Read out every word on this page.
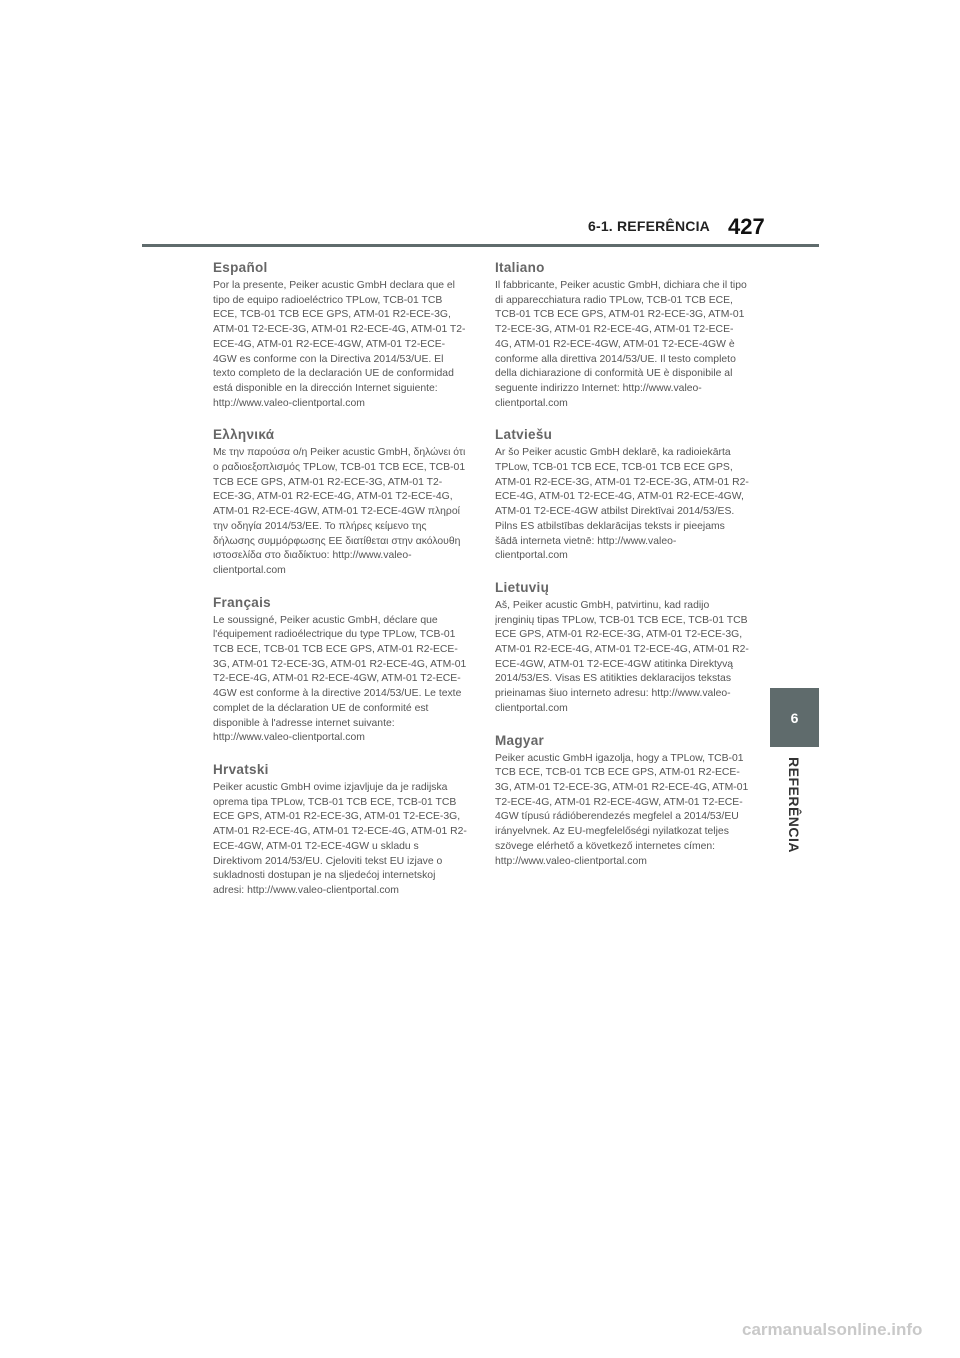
6-1. REFERÊNCIA 427
Español

Por la presente, Peiker acustic GmbH declara que el tipo de equipo radioeléctrico TPLow, TCB-01 TCB ECE, TCB-01 TCB ECE GPS, ATM-01 R2-ECE-3G, ATM-01 T2-ECE-3G, ATM-01 R2-ECE-4G, ATM-01 T2-ECE-4G, ATM-01 R2-ECE-4GW, ATM-01 T2-ECE-4GW es conforme con la Directiva 2014/53/UE. El texto completo de la declaración UE de conformidad está disponible en la dirección Internet siguiente: http://www.valeo-clientportal.com

Ελληνικά

Με την παρούσα ο/η Peiker acustic GmbH, δηλώνει ότι ο ραδιοεξοπλισμός TPLow, TCB-01 TCB ECE, TCB-01 TCB ECE GPS, ATM-01 R2-ECE-3G, ATM-01 T2-ECE-3G, ATM-01 R2-ECE-4G, ATM-01 T2-ECE-4G, ATM-01 R2-ECE-4GW, ATM-01 T2-ECE-4GW πληροί την οδηγία 2014/53/ΕΕ. Το πλήρες κείμενο της δήλωσης συμμόρφωσης ΕΕ διατίθεται στην ακόλουθη ιστοσελίδα στο διαδίκτυο: http://www.valeo-clientportal.com

Français

Le soussigné, Peiker acustic GmbH, déclare que l'équipement radioélectrique du type TPLow, TCB-01 TCB ECE, TCB-01 TCB ECE GPS, ATM-01 R2-ECE-3G, ATM-01 T2-ECE-3G, ATM-01 R2-ECE-4G, ATM-01 T2-ECE-4G, ATM-01 R2-ECE-4GW, ATM-01 T2-ECE-4GW est conforme à la directive 2014/53/UE. Le texte complet de la déclaration UE de conformité est disponible à l'adresse internet suivante: http://www.valeo-clientportal.com

Hrvatski

Peiker acustic GmbH ovime izjavljuje da je radijska oprema tipa TPLow, TCB-01 TCB ECE, TCB-01 TCB ECE GPS, ATM-01 R2-ECE-3G, ATM-01 T2-ECE-3G, ATM-01 R2-ECE-4G, ATM-01 T2-ECE-4G, ATM-01 R2-ECE-4GW, ATM-01 T2-ECE-4GW u skladu s Direktivom 2014/53/EU. Cjeloviti tekst EU izjave o sukladnosti dostupan je na sljedećoj internetskoj adresi: http://www.valeo-clientportal.com

Italiano

Il fabbricante, Peiker acustic GmbH, dichiara che il tipo di apparecchiatura radio TPLow, TCB-01 TCB ECE, TCB-01 TCB ECE GPS, ATM-01 R2-ECE-3G, ATM-01 T2-ECE-3G, ATM-01 R2-ECE-4G, ATM-01 T2-ECE-4G, ATM-01 R2-ECE-4GW, ATM-01 T2-ECE-4GW è conforme alla direttiva 2014/53/UE. Il testo completo della dichiarazione di conformità UE è disponibile al seguente indirizzo Internet: http://www.valeo-clientportal.com

Latviešu

Ar šo Peiker acustic GmbH deklarē, ka radioiekārta TPLow, TCB-01 TCB ECE, TCB-01 TCB ECE GPS, ATM-01 R2-ECE-3G, ATM-01 T2-ECE-3G, ATM-01 R2-ECE-4G, ATM-01 T2-ECE-4G, ATM-01 R2-ECE-4GW, ATM-01 T2-ECE-4GW atbilst Direktīvai 2014/53/ES. Pilns ES atbilstības deklarācijas teksts ir pieejams šādā interneta vietnē: http://www.valeo-clientportal.com

Lietuvių

Aš, Peiker acustic GmbH, patvirtinu, kad radijo įrenginių tipas TPLow, TCB-01 TCB ECE, TCB-01 TCB ECE GPS, ATM-01 R2-ECE-3G, ATM-01 T2-ECE-3G, ATM-01 R2-ECE-4G, ATM-01 T2-ECE-4G, ATM-01 R2-ECE-4GW, ATM-01 T2-ECE-4GW atitinka Direktyvą 2014/53/ES. Visas ES atitikties deklaracijos tekstas prieinamas šiuo interneto adresu: http://www.valeo-clientportal.com

Magyar

Peiker acustic GmbH igazolja, hogy a TPLow, TCB-01 TCB ECE, TCB-01 TCB ECE GPS, ATM-01 R2-ECE-3G, ATM-01 T2-ECE-3G, ATM-01 R2-ECE-4G, ATM-01 T2-ECE-4G, ATM-01 R2-ECE-4GW, ATM-01 T2-ECE-4GW típusú rádióberendezés megfelel a 2014/53/EU irányelvnek. Az EU-megfelelőségi nyilatkozat teljes szövege elérhető a következő internetes címen: http://www.valeo-clientportal.com

6
REFERÊNCIA
carmanualsonline.info
